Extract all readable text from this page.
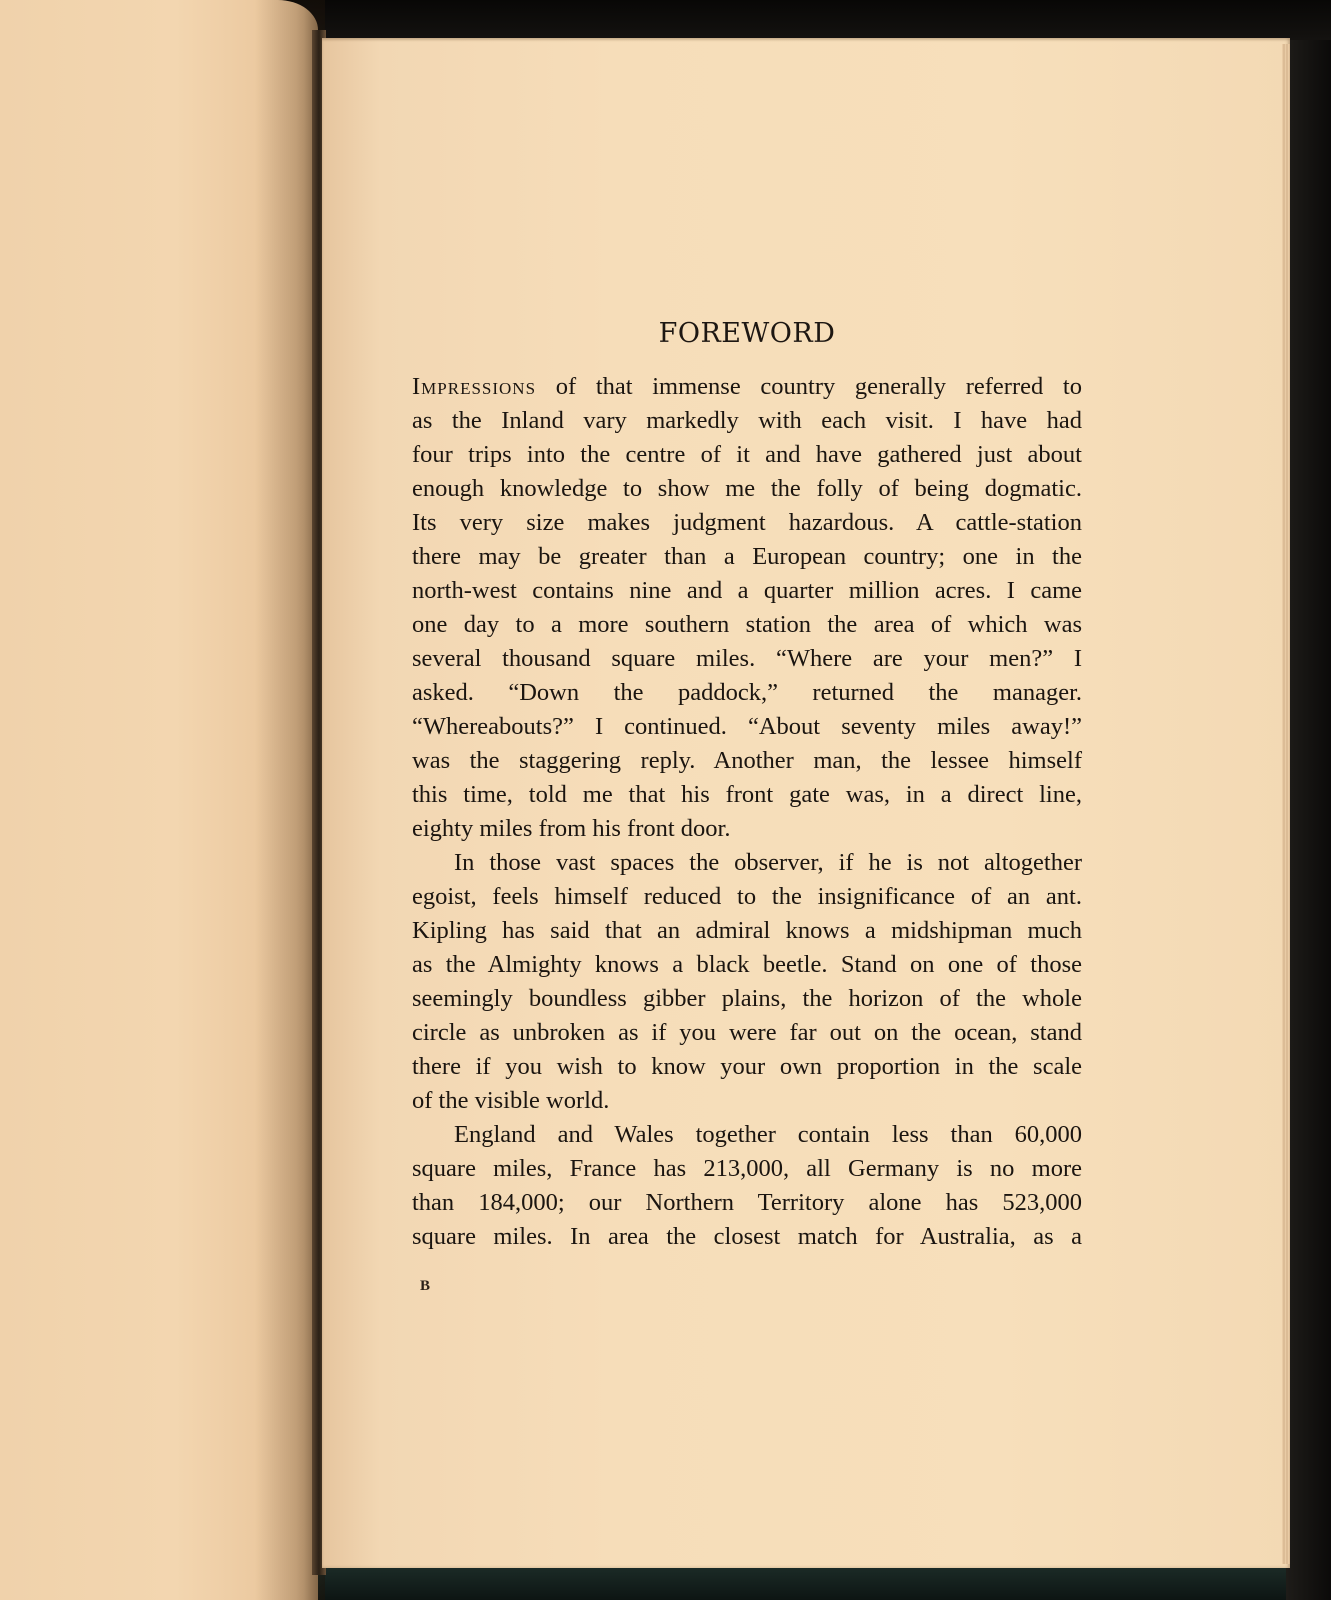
FOREWORD

Impressions of that immense country generally referred to

as the Inland vary markedly with each visit. I have had

four trips into the centre of it and have gathered just about

enough knowledge to show me the folly of being dogmatic.

Its very size makes judgment hazardous. A cattle-station

there may be greater than a European country; one in the

north-west contains nine and a quarter million acres. I came

one day to a more southern station the area of which was

several thousand square miles. “Where are your men?” I

asked. “Down the paddock,” returned the manager.

“Whereabouts?” I continued. “About seventy miles away!”

was the staggering reply. Another man, the lessee himself

this time, told me that his front gate was, in a direct line,

eighty miles from his front door.

In those vast spaces the observer, if he is not altogether

egoist, feels himself reduced to the insignificance of an ant.

Kipling has said that an admiral knows a midshipman much

as the Almighty knows a black beetle. Stand on one of those

seemingly boundless gibber plains, the horizon of the whole

circle as unbroken as if you were far out on the ocean, stand

there if you wish to know your own proportion in the scale

of the visible world.

England and Wales together contain less than 60,000

square miles, France has 213,000, all Germany is no more

than 184,000; our Northern Territory alone has 523,000

square miles. In area the closest match for Australia, as a

B
